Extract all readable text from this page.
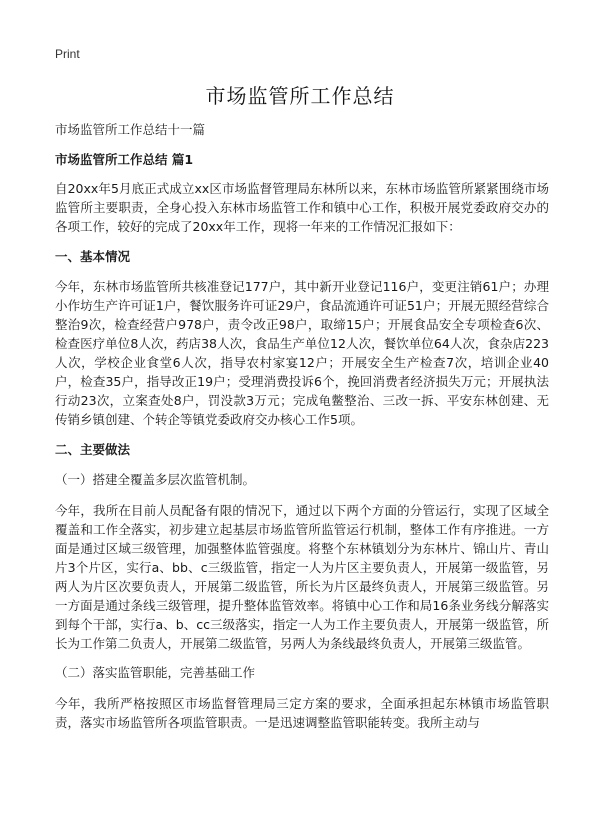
Print
市场监管所工作总结

市场监管所工作总结十一篇

市场监管所工作总结 篇1

自20xx年5月底正式成立xx区市场监督管理局东林所以来，东林市场监管所紧紧围绕市场监管所主要职责，全身心投入东林市场监管工作和镇中心工作，积极开展党委政府交办的各项工作，较好的完成了20xx年工作，现将一年来的工作情况汇报如下：

一、基本情况

今年，东林市场监管所共核准登记177户，其中新开业登记116户，变更注销61户；办理小作坊生产许可证1户，餐饮服务许可证29户，食品流通许可证51户；开展无照经营综合整治9次，检查经营户978户，责令改正98户，取缔15户；开展食品安全专项检查6次、检查医疗单位8人次，药店38人次，食品生产单位12人次，餐饮单位64人次，食杂店223人次，学校企业食堂6人次，指导农村家宴12户；开展安全生产检查7次，培训企业40户，检查35户，指导改正19户；受理消费投诉6个，挽回消费者经济损失万元；开展执法行动23次，立案查处8户，罚没款3万元；完成龟鳖整治、三改一拆、平安东林创建、无传销乡镇创建、个转企等镇党委政府交办核心工作5项。

二、主要做法

（一）搭建全覆盖多层次监管机制。

今年，我所在目前人员配备有限的情况下，通过以下两个方面的分管运行，实现了区域全覆盖和工作全落实，初步建立起基层市场监管所监管运行机制，整体工作有序推进。一方面是通过区域三级管理，加强整体监管强度。将整个东林镇划分为东林片、锦山片、青山片3个片区，实行a、bb、c三级监管，指定一人为片区主要负责人，开展第一级监管，另两人为片区次要负责人，开展第二级监管，所长为片区最终负责人，开展第三级监管。另一方面是通过条线三级管理，提升整体监管效率。将镇中心工作和局16条业务线分解落实到每个干部，实行a、b、cc三级落实，指定一人为工作主要负责人，开展第一级监管，所长为工作第二负责人，开展第二级监管，另两人为条线最终负责人，开展第三级监管。

（二）落实监管职能，完善基础工作

今年，我所严格按照区市场监督管理局三定方案的要求，全面承担起东林镇市场监管职责，落实市场监管所各项监管职责。一是迅速调整监管职能转变。我所主动与
